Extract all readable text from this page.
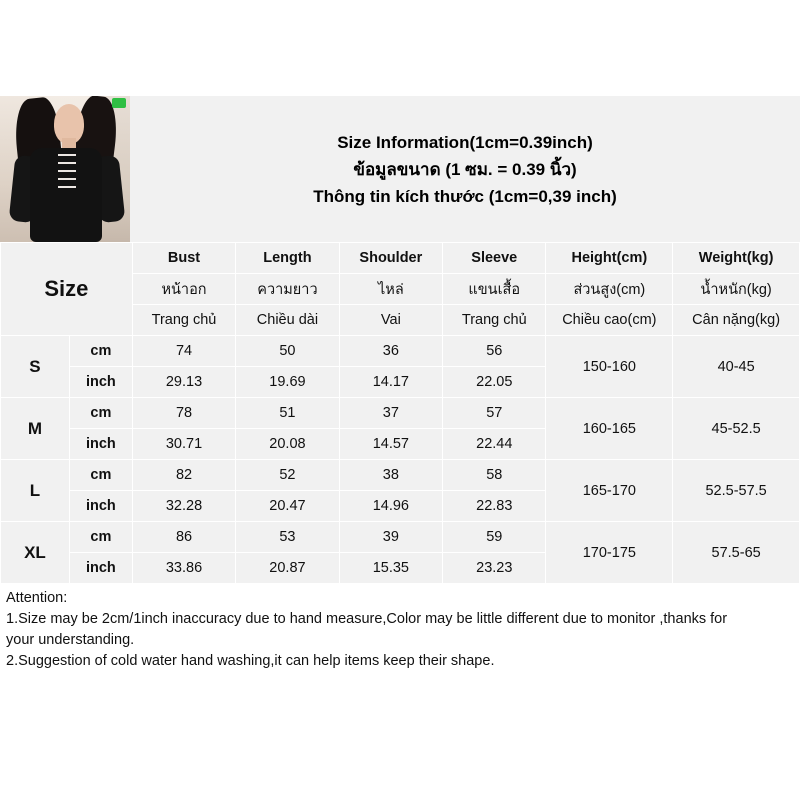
Size Information(1cm=0.39inch)
ข้อมูลขนาด (1 ซม. = 0.39 นิ้ว)
Thông tin kích thước (1cm=0,39 inch)
Size		Bust	Length	Shoulder	Sleeve	Height(cm)	Weight(kg)
		หน้าอก	ความยาว	ไหล่	แขนเสื้อ	ส่วนสูง(cm)	น้ำหนัก(kg)
		Trang chủ	Chiều dài	Vai	Trang chủ	Chiều cao(cm)	Cân nặng(kg)
S	cm	74	50	36	56	150-160	40-45
	inch	29.13	19.69	14.17	22.05		
M	cm	78	51	37	57	160-165	45-52.5
	inch	30.71	20.08	14.57	22.44		
L	cm	82	52	38	58	165-170	52.5-57.5
	inch	32.28	20.47	14.96	22.83		
XL	cm	86	53	39	59	170-175	57.5-65
	inch	33.86	20.87	15.35	23.23		
Attention:
1.Size may be 2cm/1inch inaccuracy due to hand measure,Color may be little different due to monitor ,thanks for
your understanding.
2.Suggestion of cold water hand washing,it can help items keep their shape.
